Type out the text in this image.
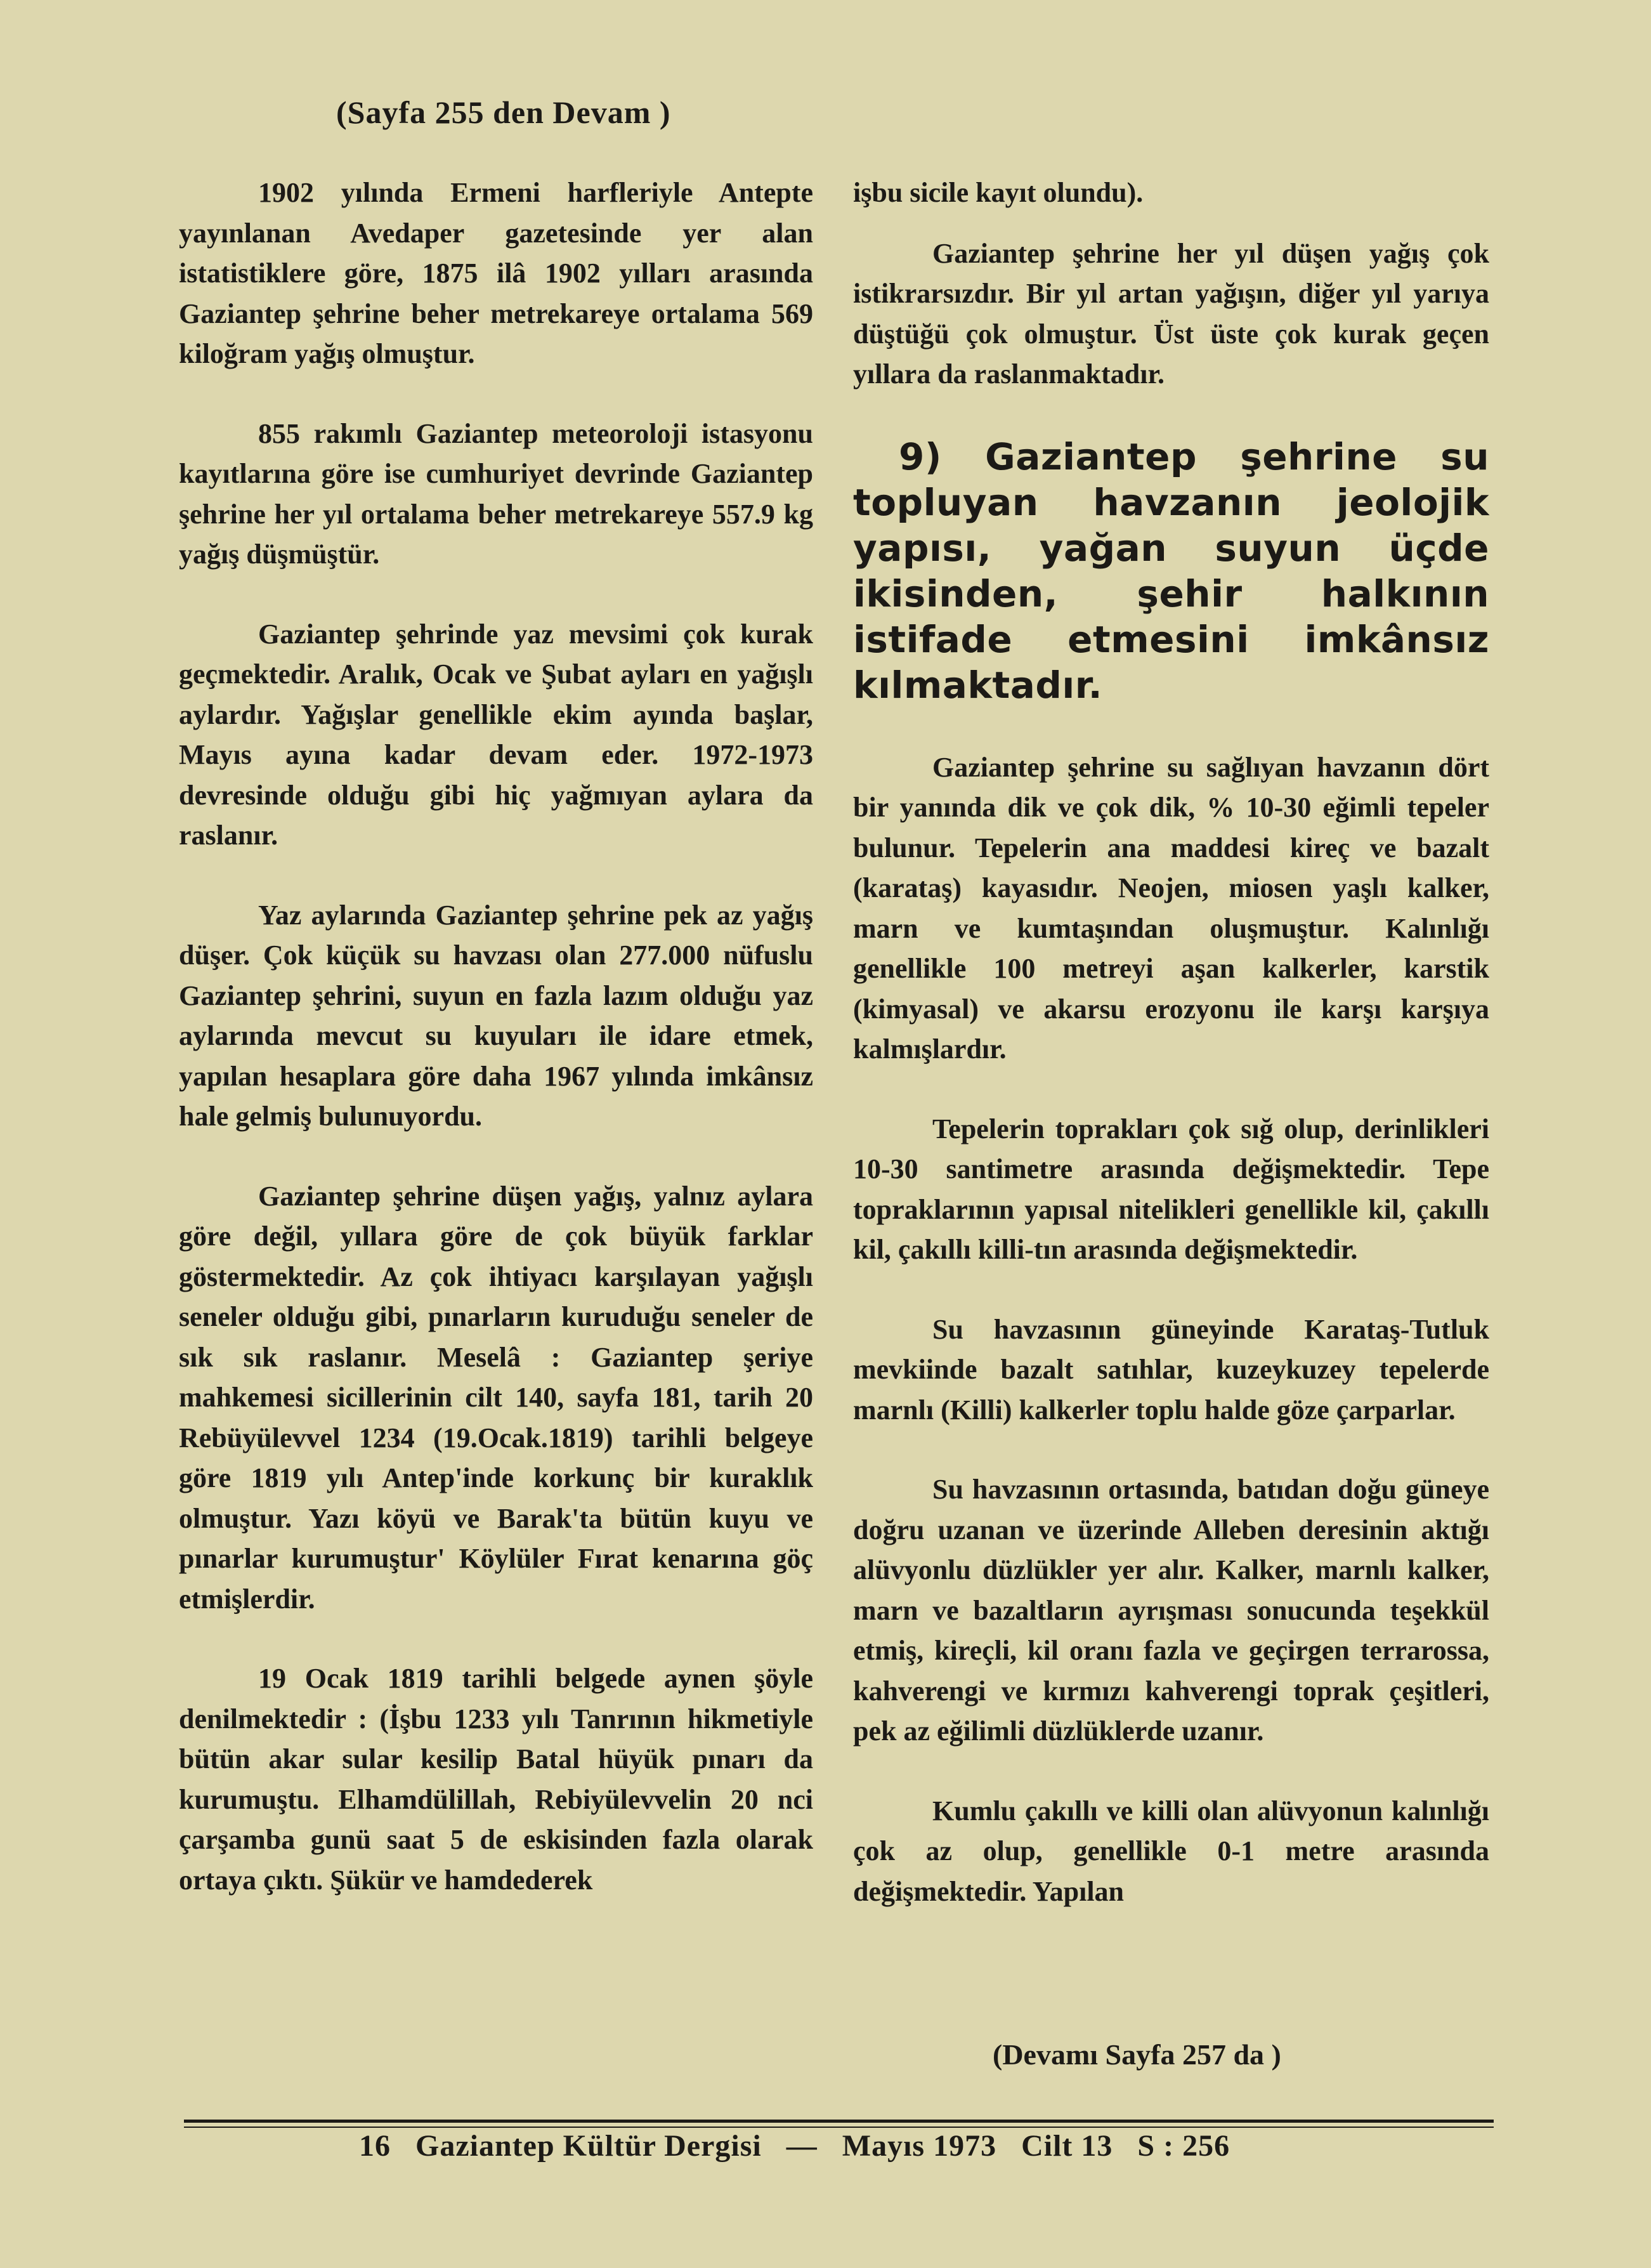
(Sayfa 255 den Devam )

1902 yılında Ermeni harfleriyle Antepte yayınlanan Avedaper gazetesinde yer alan istatistiklere göre, 1875 ilâ 1902 yılları arasında Gaziantep şehrine beher metrekareye ortalama 569 kiloğram yağış olmuştur.

855 rakımlı Gaziantep meteoroloji istasyonu kayıtlarına göre ise cumhuriyet devrinde Gaziantep şehrine her yıl ortalama beher metrekareye 557.9 kg yağış düşmüştür.

Gaziantep şehrinde yaz mevsimi çok kurak geçmektedir. Aralık, Ocak ve Şubat ayları en yağışlı aylardır. Yağışlar genellikle ekim ayında başlar, Mayıs ayına kadar devam eder. 1972-1973 devresinde olduğu gibi hiç yağmıyan aylara da raslanır.

Yaz aylarında Gaziantep şehrine pek az yağış düşer. Çok küçük su havzası olan 277.000 nüfuslu Gaziantep şehrini, suyun en fazla lazım olduğu yaz aylarında mevcut su kuyuları ile idare etmek, yapılan hesaplara göre daha 1967 yılında imkânsız hale gelmiş bulunuyordu.

Gaziantep şehrine düşen yağış, yalnız aylara göre değil, yıllara göre de çok büyük farklar göstermektedir. Az çok ihtiyacı karşılayan yağışlı seneler olduğu gibi, pınarların kuruduğu seneler de sık sık raslanır. Meselâ : Gaziantep şeriye mahkemesi sicillerinin cilt 140, sayfa 181, tarih 20 Rebüyülevvel 1234 (19.Ocak.1819) tarihli belgeye göre 1819 yılı Antep'inde korkunç bir kuraklık olmuştur. Yazı köyü ve Barak'ta bütün kuyu ve pınarlar kurumuştur' Köylüler Fırat kenarına göç etmişlerdir.

19 Ocak 1819 tarihli belgede aynen şöyle denilmektedir : (İşbu 1233 yılı Tanrının hikmetiyle bütün akar sular kesilip Batal hüyük pınarı da kurumuştu. Elhamdülillah, Rebiyülevvelin 20 nci çarşamba gunü saat 5 de eskisinden fazla olarak ortaya çıktı. Şükür ve hamdederek

işbu sicile kayıt olundu).

Gaziantep şehrine her yıl düşen yağış çok istikrarsızdır. Bir yıl artan yağışın, diğer yıl yarıya düştüğü çok olmuştur. Üst üste çok kurak geçen yıllara da raslanmaktadır.

9) Gaziantep şehrine su topluyan havzanın jeolojik yapısı, yağan suyun üçde ikisinden, şehir halkının istifade etmesini imkânsız kılmaktadır.

Gaziantep şehrine su sağlıyan havzanın dört bir yanında dik ve çok dik, % 10-30 eğimli tepeler bulunur. Tepelerin ana maddesi kireç ve bazalt (karataş) kayasıdır. Neojen, miosen yaşlı kalker, marn ve kumtaşından oluşmuştur. Kalınlığı genellikle 100 metreyi aşan kalkerler, karstik (kimyasal) ve akarsu erozyonu ile karşı karşıya kalmışlardır.

Tepelerin toprakları çok sığ olup, derinlikleri 10-30 santimetre arasında değişmektedir. Tepe topraklarının yapısal nitelikleri genellikle kil, çakıllı kil, çakıllı killi-tın arasında değişmektedir.

Su havzasının güneyinde Karataş-Tutluk mevkiinde bazalt satıhlar, kuzeykuzey tepelerde marnlı (Killi) kalkerler toplu halde göze çarparlar.

Su havzasının ortasında, batıdan doğu güneye doğru uzanan ve üzerinde Alleben deresinin aktığı alüvyonlu düzlükler yer alır. Kalker, marnlı kalker, marn ve bazaltların ayrışması sonucunda teşekkül etmiş, kireçli, kil oranı fazla ve geçirgen terrarossa, kahverengi ve kırmızı kahverengi toprak çeşitleri, pek az eğilimli düzlüklerde uzanır.

Kumlu çakıllı ve killi olan alüvyonun kalınlığı çok az olup, genellikle 0-1 metre arasında değişmektedir. Yapılan

(Devamı Sayfa 257 da )
16 Gaziantep Kültür Dergisi — Mayıs 1973 Cilt 13 S : 256
